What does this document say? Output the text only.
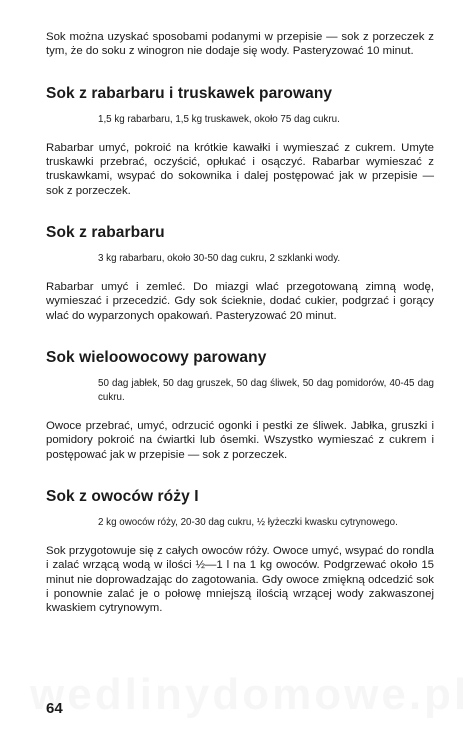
Sok można uzyskać sposobami podanymi w przepisie — sok z porzeczek z tym, że do soku z winogron nie dodaje się wody. Pasteryzować 10 minut.

Sok z rabarbaru i truskawek parowany

1,5 kg rabarbaru, 1,5 kg truskawek, około 75 dag cukru.

Rabarbar umyć, pokroić na krótkie kawałki i wymieszać z cukrem. Umyte truskawki przebrać, oczyścić, opłukać i osączyć. Rabarbar wymieszać z truskawkami, wsypać do sokownika i dalej postępować jak w przepisie — sok z porzeczek.

Sok z rabarbaru

3 kg rabarbaru, około 30-50 dag cukru, 2 szklanki wody.

Rabarbar umyć i zemleć. Do miazgi wlać przegotowaną zimną wodę, wymieszać i przecedzić. Gdy sok ścieknie, dodać cukier, podgrzać i gorący wlać do wyparzonych opakowań. Pasteryzować 20 minut.

Sok wieloowocowy parowany

50 dag jabłek, 50 dag gruszek, 50 dag śliwek, 50 dag pomidorów, 40-45 dag cukru.

Owoce przebrać, umyć, odrzucić ogonki i pestki ze śliwek. Jabłka, gruszki i pomidory pokroić na ćwiartki lub ósemki. Wszystko wymieszać z cukrem i postępować jak w przepisie — sok z porzeczek.

Sok z owoców róży I

2 kg owoców róży, 20-30 dag cukru, ½ łyżeczki kwasku cytrynowego.

Sok przygotowuje się z całych owoców róży. Owoce umyć, wsypać do rondla i zalać wrzącą wodą w ilości ½—1 l na 1 kg owoców. Podgrzewać około 15 minut nie doprowadzając do zagotowania. Gdy owoce zmiękną odcedzić sok i ponownie zalać je o połowę mniejszą ilością wrzącej wody zakwaszonej kwaskiem cytrynowym.

64
